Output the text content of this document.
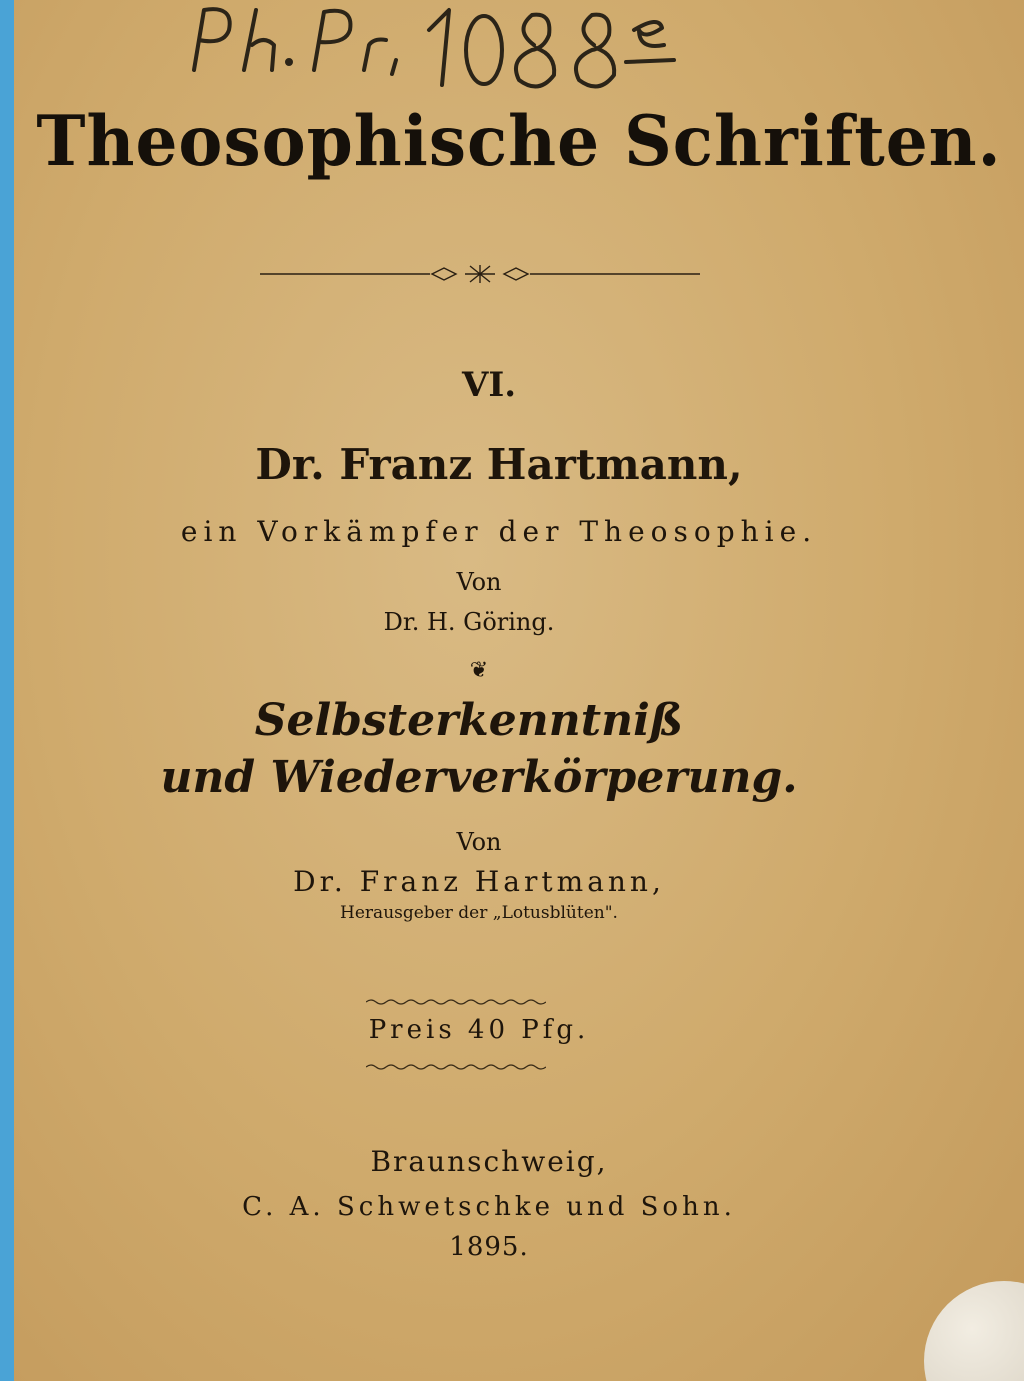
Theosophische Schriften.
VI.
Dr. Franz Hartmann,
ein Vorkämpfer der Theosophie.
Von
Dr. H. Göring.
❦
Selbsterkenntniß
und Wiederverkörperung.
Von
Dr. Franz Hartmann,
Herausgeber der „Lotusblüten".
Preis 40 Pfg.
Braunschweig,
C. A. Schwetschke und Sohn.
1895.
